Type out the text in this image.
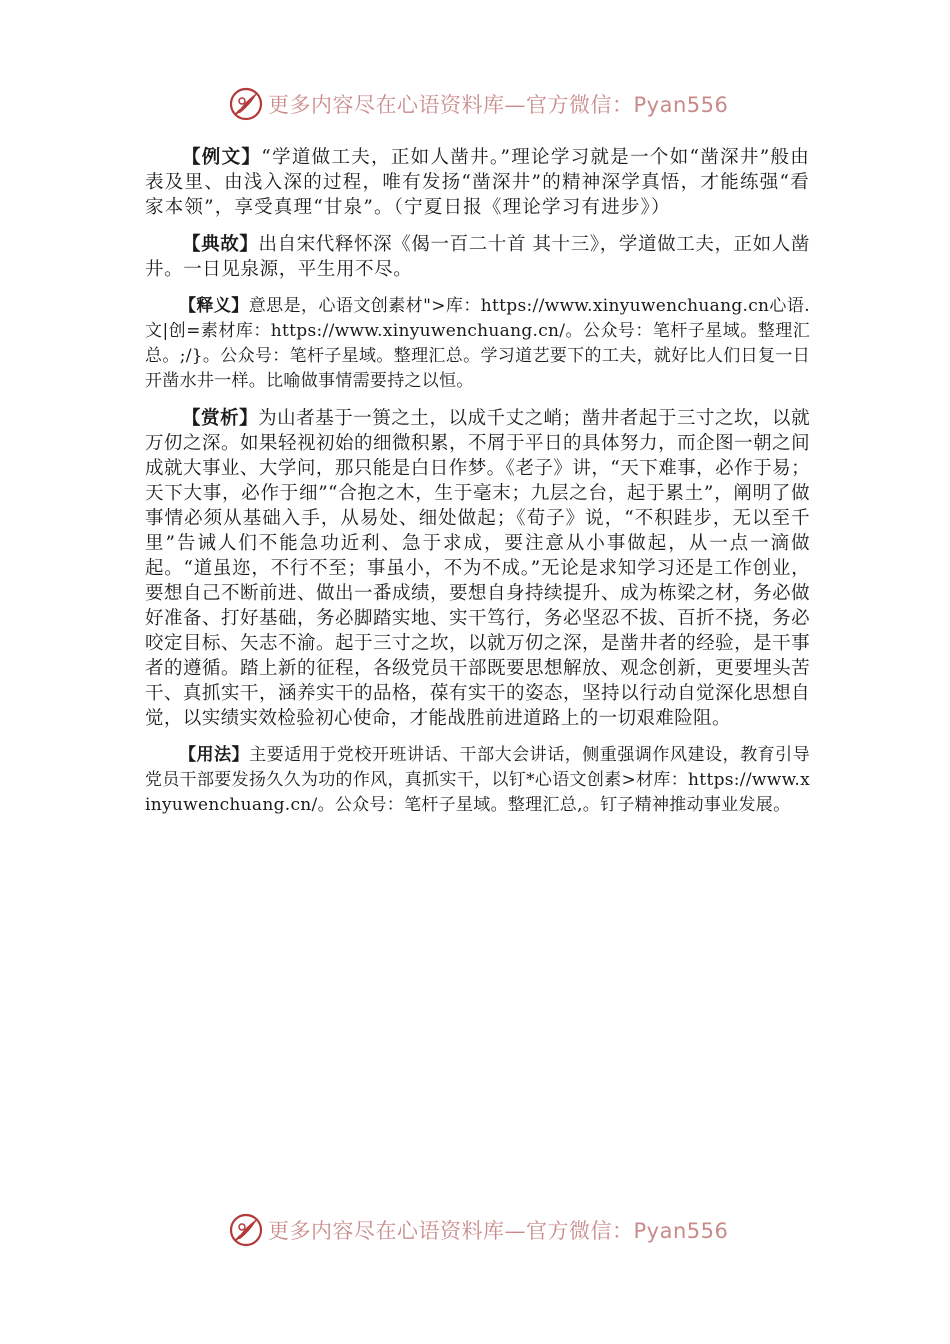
更多内容尽在心语资料库—官方微信：Pyan556

【例文】“学道做工夫，正如人凿井。”理论学习就是一个如“凿深井”般由表及里、由浅入深的过程，唯有发扬“凿深井”的精神深学真悟，才能练强“看家本领”，享受真理“甘泉”。（宁夏日报《理论学习有进步》）

【典故】出自宋代释怀深《偈一百二十首 其十三》，学道做工夫，正如人凿井。一日见泉源，平生用不尽。

【释义】意思是，心语文创素材">库：https://www.xinyuwenchuang.cn心语.文|创=素材库：https://www.xinyuwenchuang.cn/。公众号：笔杆子星域。整理汇总。;/}。公众号：笔杆子星域。整理汇总。学习道艺要下的工夫，就好比人们日复一日开凿水井一样。比喻做事情需要持之以恒。

【赏析】为山者基于一篑之土，以成千丈之峭；凿井者起于三寸之坎，以就万仞之深。如果轻视初始的细微积累，不屑于平日的具体努力，而企图一朝之间成就大事业、大学问，那只能是白日作梦。《老子》讲，“天下难事，必作于易；天下大事，必作于细”“合抱之木，生于毫末；九层之台，起于累土”，阐明了做事情必须从基础入手，从易处、细处做起；《荀子》说，“不积跬步，无以至千里”告诫人们不能急功近利、急于求成，要注意从小事做起，从一点一滴做起。“道虽迩，不行不至；事虽小，不为不成。”无论是求知学习还是工作创业，要想自己不断前进、做出一番成绩，要想自身持续提升、成为栋梁之材，务必做好准备、打好基础，务必脚踏实地、实干笃行，务必坚忍不拔、百折不挠，务必咬定目标、矢志不渝。起于三寸之坎，以就万仞之深，是凿井者的经验，是干事者的遵循。踏上新的征程，各级党员干部既要思想解放、观念创新，更要埋头苦干、真抓实干，涵养实干的品格，葆有实干的姿态，坚持以行动自觉深化思想自觉，以实绩实效检验初心使命，才能战胜前进道路上的一切艰难险阻。

【用法】主要适用于党校开班讲话、干部大会讲话，侧重强调作风建设，教育引导党员干部要发扬久久为功的作风，真抓实干，以钉*心语文创素>材库：https://www.xinyuwenchuang.cn/。公众号：笔杆子星域。整理汇总,。钉子精神推动事业发展。

更多内容尽在心语资料库—官方微信：Pyan556
